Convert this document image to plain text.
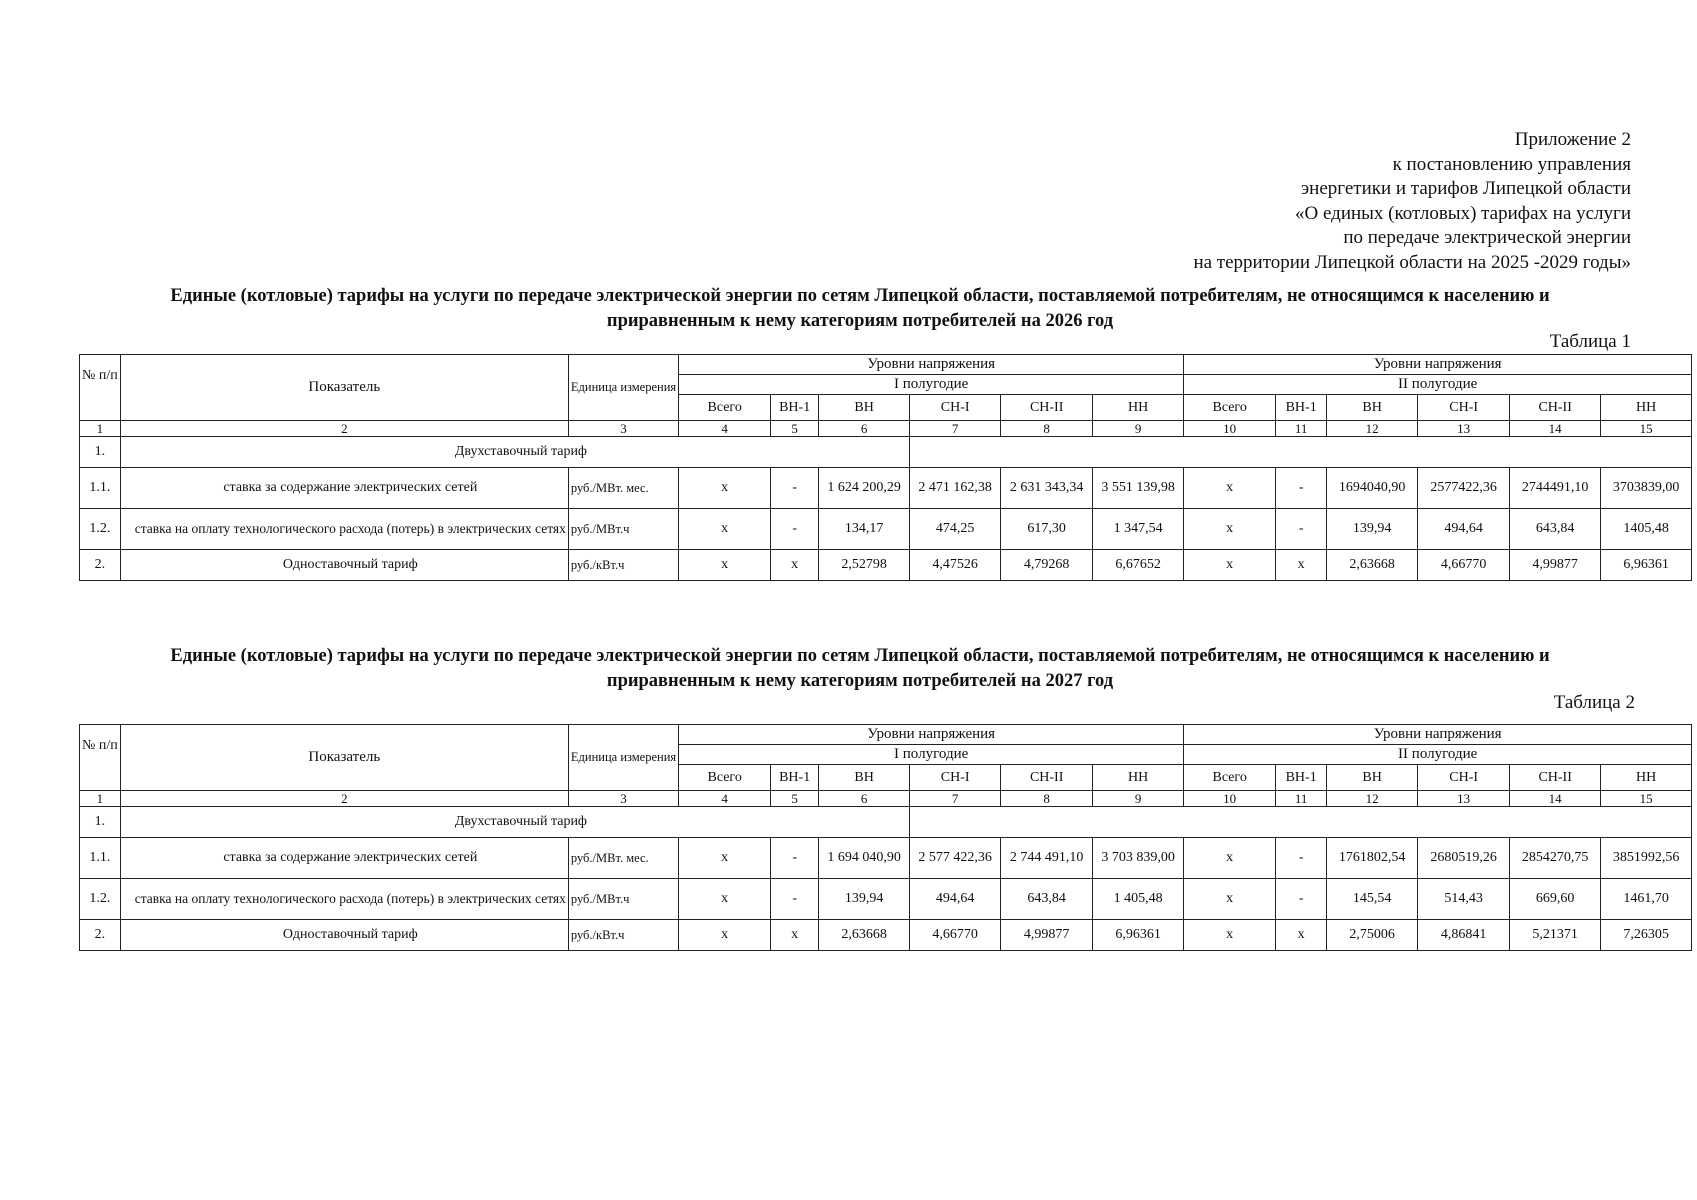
Приложение 2
к постановлению управления
энергетики и тарифов Липецкой области
«О единых (котловых) тарифах на услуги
по передаче электрической энергии
на территории Липецкой области на 2025 -2029 годы»
Единые (котловые) тарифы на услуги по передаче электрической энергии по сетям Липецкой области, поставляемой потребителям, не относящимся к населению и
приравненным к нему категориям потребителей на 2026 год
Таблица 1
№ п/п	Показатель	Единица измерения	Уровни напряжения						Уровни напряжения					
			I полугодие						II полугодие					
			Всего	ВН-1	ВН	СН-I	СН-II	НН	Всего	ВН-1	ВН	СН-I	СН-II	НН
1	2	3	4	5	6	7	8	9	10	11	12	13	14	15
1.	Двухставочный тариф													
1.1.	ставка за содержание электрических сетей	руб./МВт. мес.	х	-	1 624 200,29	2 471 162,38	2 631 343,34	3 551 139,98	х	-	1694040,90	2577422,36	2744491,10	3703839,00
1.2.	ставка на оплату технологического расхода (потерь) в электрических сетях	руб./МВт.ч	х	-	134,17	474,25	617,30	1 347,54	х	-	139,94	494,64	643,84	1405,48
2.	Одноставочный тариф	руб./кВт.ч	х	х	2,52798	4,47526	4,79268	6,67652	х	х	2,63668	4,66770	4,99877	6,96361
Единые (котловые) тарифы на услуги по передаче электрической энергии по сетям Липецкой области, поставляемой потребителям, не относящимся к населению и
приравненным к нему категориям потребителей на 2027 год
Таблица 2
№ п/п	Показатель	Единица измерения	Уровни напряжения						Уровни напряжения					
			I полугодие						II полугодие					
			Всего	ВН-1	ВН	СН-I	СН-II	НН	Всего	ВН-1	ВН	СН-I	СН-II	НН
1	2	3	4	5	6	7	8	9	10	11	12	13	14	15
1.	Двухставочный тариф													
1.1.	ставка за содержание электрических сетей	руб./МВт. мес.	х	-	1 694 040,90	2 577 422,36	2 744 491,10	3 703 839,00	х	-	1761802,54	2680519,26	2854270,75	3851992,56
1.2.	ставка на оплату технологического расхода (потерь) в электрических сетях	руб./МВт.ч	х	-	139,94	494,64	643,84	1 405,48	х	-	145,54	514,43	669,60	1461,70
2.	Одноставочный тариф	руб./кВт.ч	х	х	2,63668	4,66770	4,99877	6,96361	х	х	2,75006	4,86841	5,21371	7,26305
